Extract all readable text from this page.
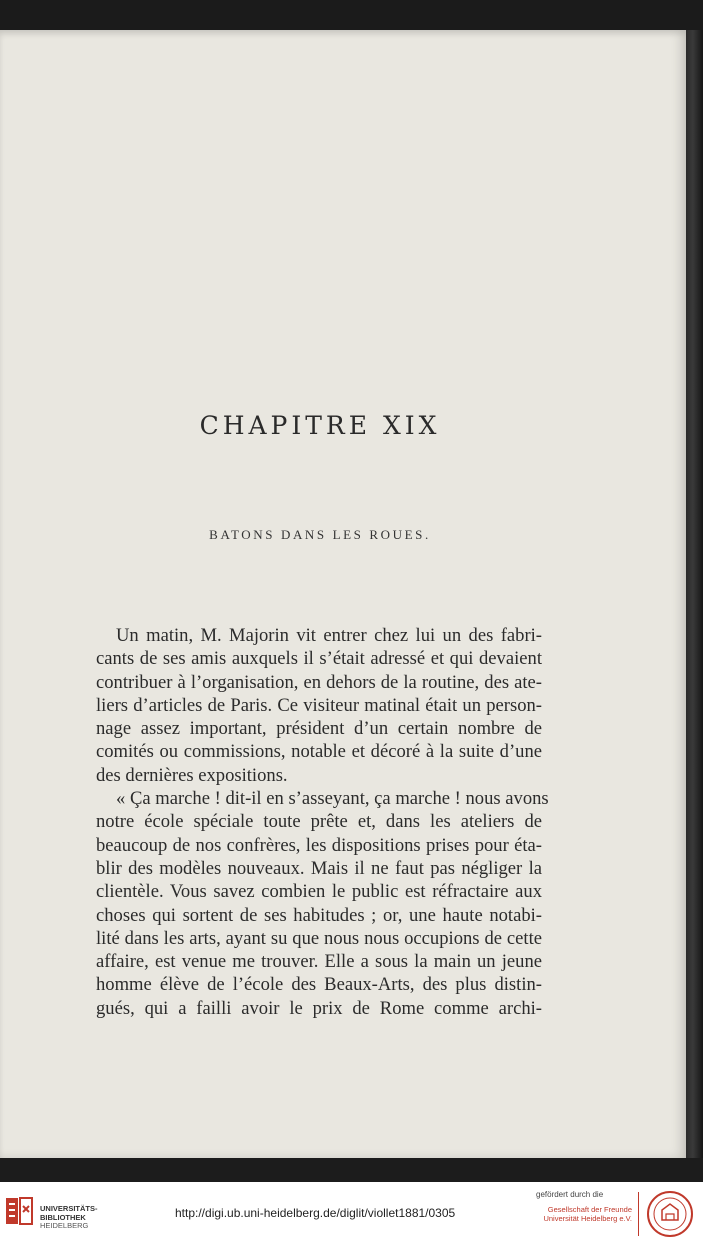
CHAPITRE XIX
BATONS DANS LES ROUES.
Un matin, M. Majorin vit entrer chez lui un des fabri-
cants de ses amis auxquels il s’était adressé et qui devaient
contribuer à l’organisation, en dehors de la routine, des ate-
liers d’articles de Paris. Ce visiteur matinal était un person-
nage assez important, président d’un certain nombre de
comités ou commissions, notable et décoré à la suite d’une
des dernières expositions.
« Ça marche ! dit-il en s’asseyant, ça marche ! nous avons
notre école spéciale toute prête et, dans les ateliers de
beaucoup de nos confrères, les dispositions prises pour éta-
blir des modèles nouveaux. Mais il ne faut pas négliger la
clientèle. Vous savez combien le public est réfractaire aux
choses qui sortent de ses habitudes ; or, une haute notabi-
lité dans les arts, ayant su que nous nous occupions de cette
affaire, est venue me trouver. Elle a sous la main un jeune
homme élève de l’école des Beaux-Arts, des plus distin-
gués, qui a failli avoir le prix de Rome comme archi-
UNIVERSITÄTS-
BIBLIOTHEK
HEIDELBERG
http://digi.ub.uni-heidelberg.de/diglit/viollet1881/0305
gefördert durch die
Gesellschaft der Freunde
Universität Heidelberg e.V.
